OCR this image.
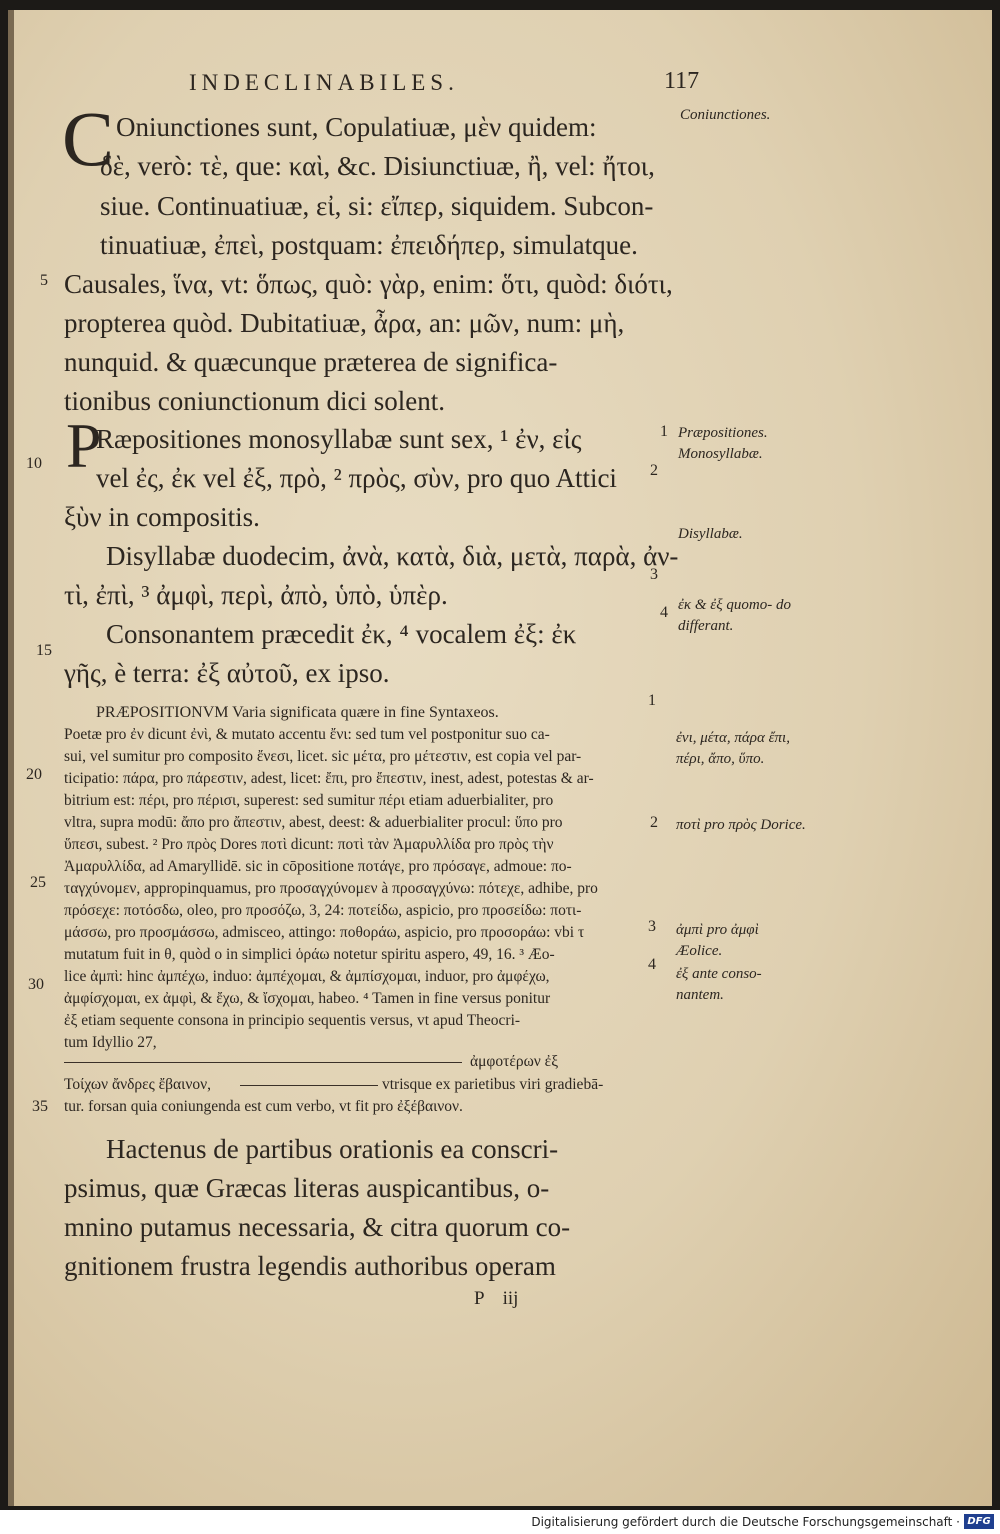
INDECLINABILES.	117
C Oniunctiones sunt, Copulatiuæ, μὲν quidem:
δὲ, verò: τὲ, que: καὶ, &c. Disiunctiuæ, ἢ, vel: ἤτοι,
siue. Continuatiuæ, εἰ, si: εἴπερ, siquidem. Subcon-
tinuatiuæ, ἐπεὶ, postquam: ἐπειδήπερ, simulatque.
Causales, ἵνα, vt: ὅπως, quò: γὰρ, enim: ὅτι, quòd: διότι,
propterea quòd. Dubitatiuæ, ἆρα, an: μῶν, num: μὴ,
nunquid. & quæcunque præterea de significa-
tionibus coniunctionum dici solent.
P
Ræpositiones monosyllabæ sunt sex, ¹ ἐν, εἰς
vel ἐς, ἐκ vel ἐξ, πρὸ, ² πρὸς, σὺν, pro quo Attici
ξὺν in compositis.
Disyllabæ duodecim, ἀνὰ, κατὰ, διὰ, μετὰ, παρὰ, ἀν-
τὶ, ἐπὶ, ³ ἀμφὶ, περὶ, ἀπὸ, ὑπὸ, ὑπὲρ.
Consonantem præcedit ἐκ, ⁴ vocalem ἐξ: ἐκ
γῆς, è terra: ἐξ αὐτοῦ, ex ipso.
PRÆPOSITIONVM Varia significata quære in fine Syntaxeos.
Poetæ pro ἐν dicunt ἐνὶ, & mutato accentu ἔνι: sed tum vel postponitur suo ca-
sui, vel sumitur pro composito ἔνεσι, licet. sic μέτα, pro μέτεστιν, est copia vel par-
ticipatio: πάρα, pro πάρεστιν, adest, licet: ἔπι, pro ἔπεστιν, inest, adest, potestas & ar-
bitrium est: πέρι, pro πέρισι, superest: sed sumitur πέρι etiam aduerbialiter, pro
vltra, supra modū: ἄπο pro ἄπεστιν, abest, deest: & aduerbialiter procul: ὕπο pro
ὕπεσι, subest. ² Pro πρὸς Dores ποτὶ dicunt: ποτὶ τὰν Ἀμαρυλλίδα pro πρὸς τὴν
Ἀμαρυλλίδα, ad Amaryllidē. sic in cōpositione ποτάγε, pro πρόσαγε, admoue: πο-
ταγχύνομεν, appropinquamus, pro προσαγχύνομεν à προσαγχύνω: πότεχε, adhibe, pro
πρόσεχε: ποτόσδω, oleo, pro προσόζω, 3, 24: ποτείδω, aspicio, pro προσείδω: ποτι-
μάσσω, pro προσμάσσω, admisceo, attingo: ποθοράω, aspicio, pro προσοράω: vbi τ
mutatum fuit in θ, quòd ο in simplici ὁράω notetur spiritu aspero, 49, 16. ³ Æo-
lice ἀμπὶ: hinc ἀμπέχω, induo: ἀμπέχομαι, & ἀμπίσχομαι, induor, pro ἀμφέχω,
ἀμφίσχομαι, ex ἀμφὶ, & ἔχω, & ἴσχομαι, habeo. ⁴ Tamen in fine versus ponitur
ἐξ etiam sequente consona in principio sequentis versus, vt apud Theocri-
tum Idyllio 27,
ἀμφοτέρων ἐξ
Τοίχων ἄνδρες ἔβαινον,	vtrisque ex parietibus viri gradiebā-
tur. forsan quia coniungenda est cum verbo, vt fit pro ἐξέβαινον.
Hactenus de partibus orationis ea conscri-
psimus, quæ Græcas literas auspicantibus, o-
mnino putamus necessaria, & citra quorum co-
gnitionem frustra legendis authoribus operam
P iij
5
10
15
20
25
30
35
1
2
3
4
1
2
3
4
Coniunctiones.
Præpositiones. Monosyllabæ.
Disyllabæ.
ἐκ & ἐξ quomo- do differant.
ἐνι, μέτα, πάρα ἔπι, πέρι, ἄπο, ὕπο.
ποτὶ pro πρὸς Dorice.
ἀμπὶ pro ἀμφὶ Æolice.
ἐξ ante conso- nantem.
Digitalisierung gefördert durch die Deutsche Forschungsgemeinschaft · DFG
